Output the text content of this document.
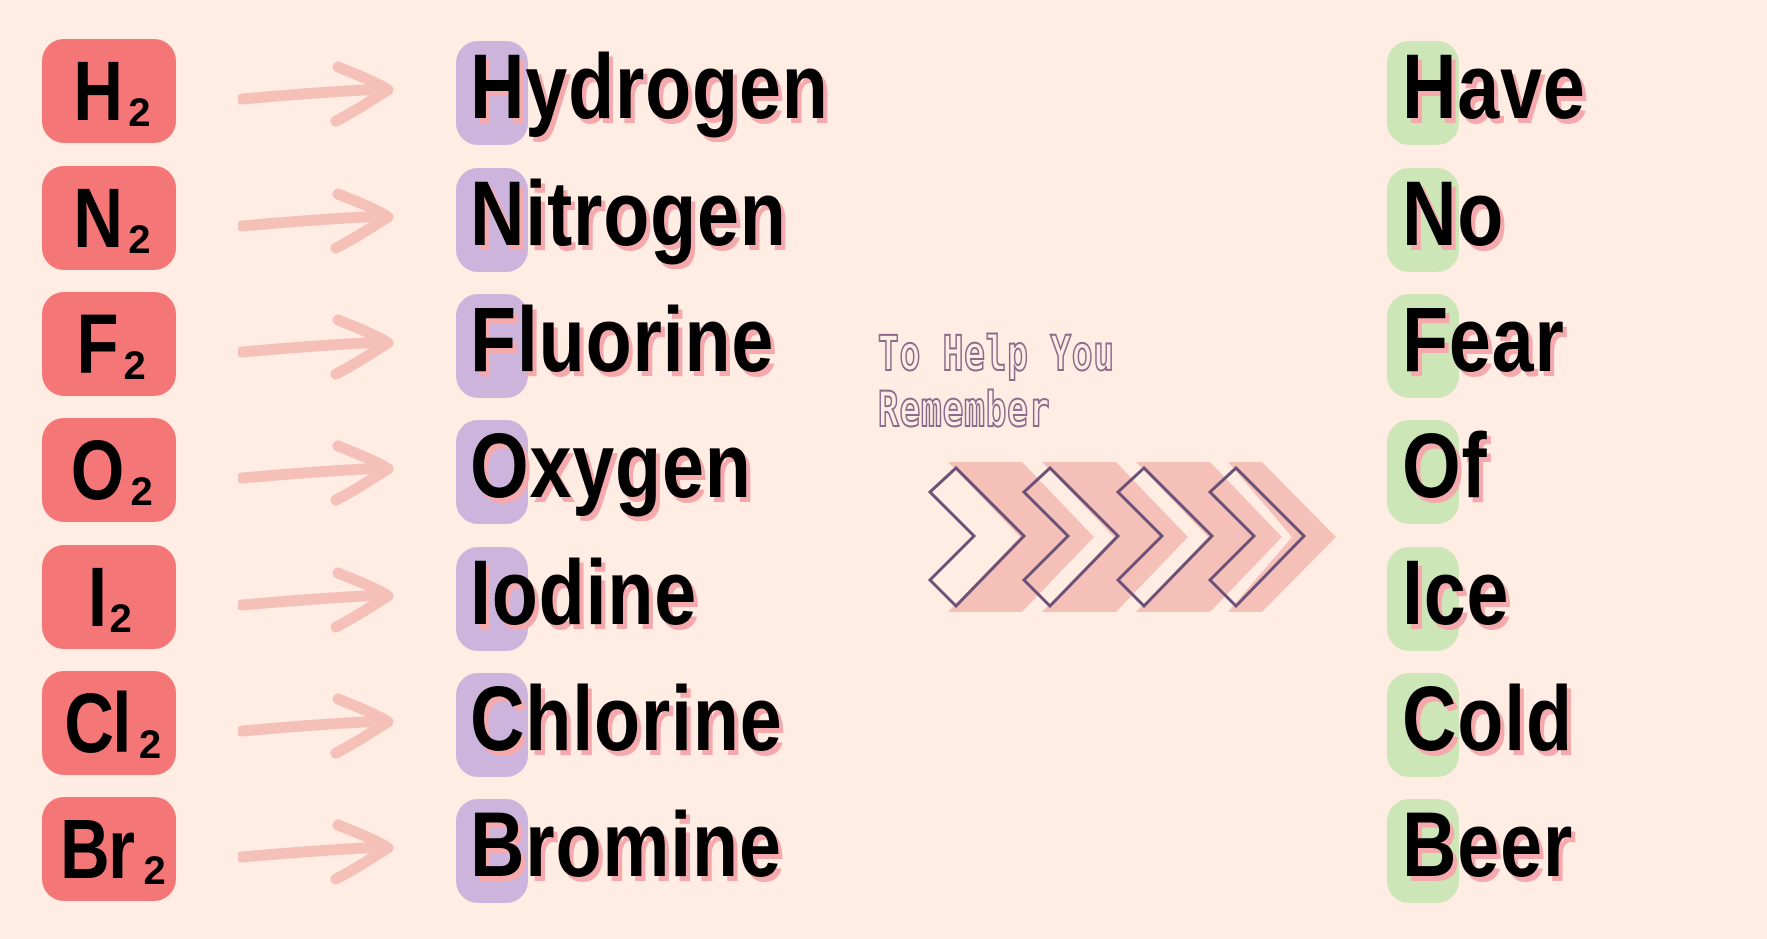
H 2	Hydrogen	Have
N 2	Nitrogen	No
F 2	Fluorine	Fear
O 2	Oxygen	Of
I 2	Iodine	Ice
Cl 2	Chlorine	Cold
Br 2	Bromine	Beer
To Help You
Remember
